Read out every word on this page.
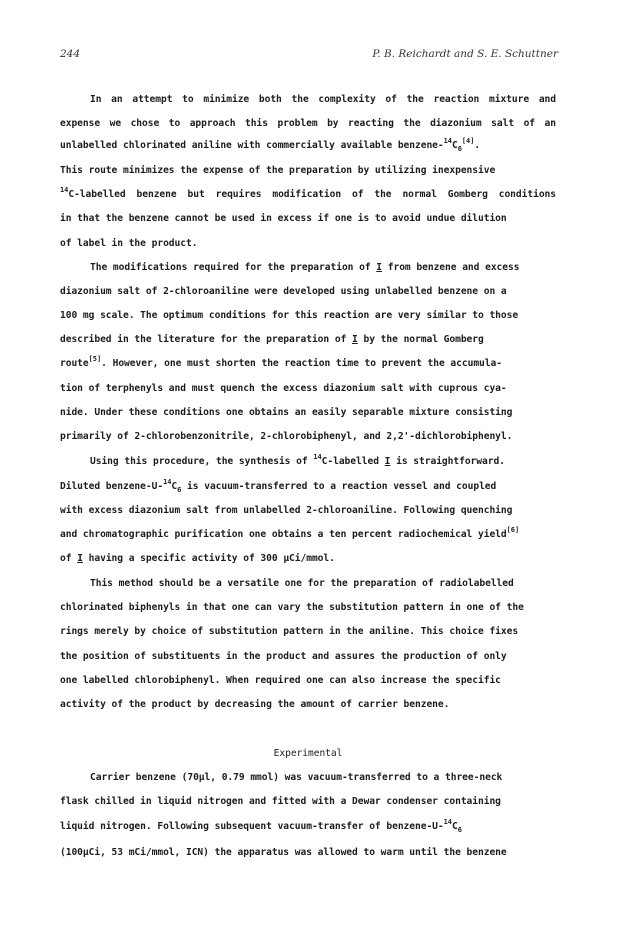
244	P. B. Reichardt and S. E. Schuttner
In an attempt to minimize both the complexity of the reaction mixture and
expense we chose to approach this problem by reacting the diazonium salt of an
unlabelled chlorinated aniline with commercially available benzene-$^{14}C_6[4]$.
This route minimizes the expense of the preparation by utilizing inexpensive
$^{14}$C-labelled benzene but requires modification of the normal Gomberg conditions
in that the benzene cannot be used in excess if one is to avoid undue dilution
of label in the product.
The modifications required for the preparation of I from benzene and excess
diazonium salt of 2-chloroaniline were developed using unlabelled benzene on a
100 mg scale. The optimum conditions for this reaction are very similar to those
described in the literature for the preparation of I by the normal Gomberg
route[5]. However, one must shorten the reaction time to prevent the accumula-
tion of terphenyls and must quench the excess diazonium salt with cuprous cya-
nide. Under these conditions one obtains an easily separable mixture consisting
primarily of 2-chlorobenzonitrile, 2-chlorobiphenyl, and 2,2'-dichlorobiphenyl.
Using this procedure, the synthesis of $^{14}$C-labelled I is straightforward.
Diluted benzene-$U-^{14}C_6$ is vacuum-transferred to a reaction vessel and coupled
with excess diazonium salt from unlabelled 2-chloroaniline. Following quenching
and chromatographic purification one obtains a ten percent radiochemical yield[6]
of I having a specific activity of 300 μCi/mmol.
This method should be a versatile one for the preparation of radiolabelled
chlorinated biphenyls in that one can vary the substitution pattern in one of the
rings merely by choice of substitution pattern in the aniline. This choice fixes
the position of substituents in the product and assures the production of only
one labelled chlorobiphenyl. When required one can also increase the specific
activity of the product by decreasing the amount of carrier benzene.
Experimental
Carrier benzene (70μl, 0.79 mmol) was vacuum-transferred to a three-neck
flask chilled in liquid nitrogen and fitted with a Dewar condenser containing
liquid nitrogen. Following subsequent vacuum-transfer of benzene-$U-^{14}C_6$
(100μCi, 53 mCi/mmol, ICN) the apparatus was allowed to warm until the benzene
